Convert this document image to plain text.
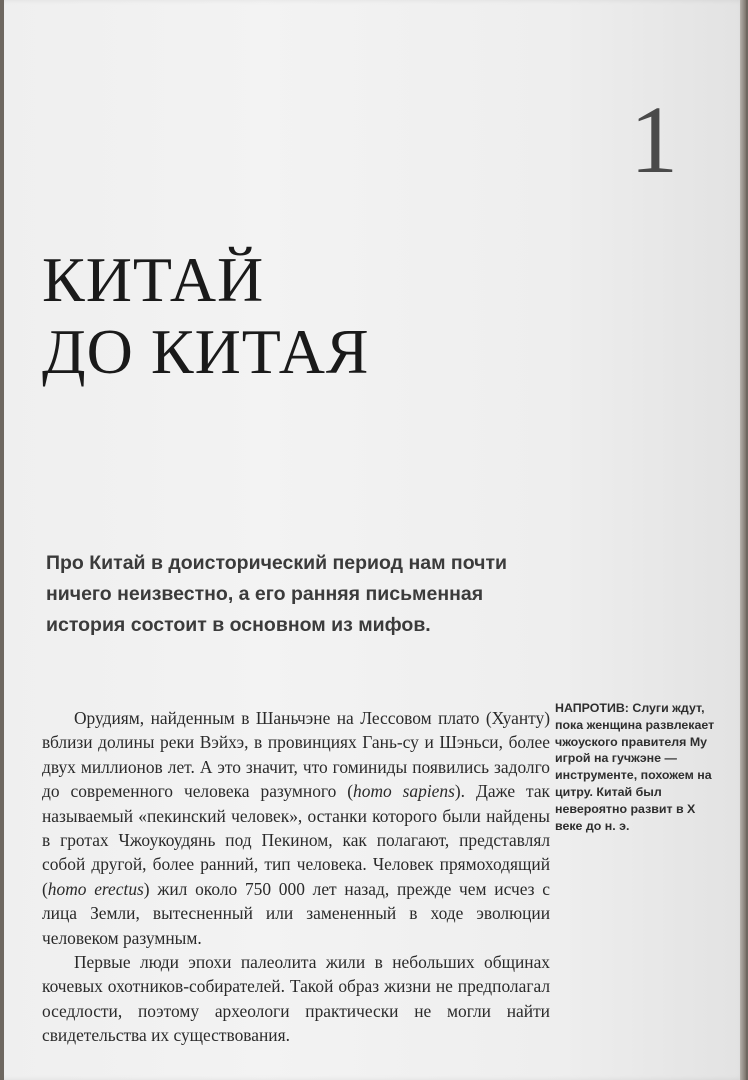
1
КИТАЙ
ДО КИТАЯ

Про Китай в доисторический период нам почти ничего неизвестно, а его ранняя письменная история состоит в основном из мифов.

Орудиям, найденным в Шаньчэне на Лессовом плато (Хуанту) вблизи долины реки Вэйхэ, в провинциях Гань-су и Шэньси, более двух миллионов лет. А это значит, что гоминиды появились задолго до современного человека разумного (homo sapiens). Даже так называемый «пекинский человек», останки которого были найдены в гротах Чжоукоудянь под Пекином, как полагают, представлял собой другой, более ранний, тип человека. Человек прямоходящий (homo erectus) жил около 750 000 лет назад, прежде чем исчез с лица Земли, вытесненный или замененный в ходе эволюции человеком разумным.

Первые люди эпохи палеолита жили в небольших общинах кочевых охотников-собирателей. Такой образ жизни не предполагал оседлости, поэтому археологи практически не могли найти свидетельства их существования.

НАПРОТИВ: Слуги ждут, пока женщина развлекает чжоуского правителя Му игрой на гучжэне — инструменте, похожем на цитру. Китай был невероятно развит в X веке до н. э.
